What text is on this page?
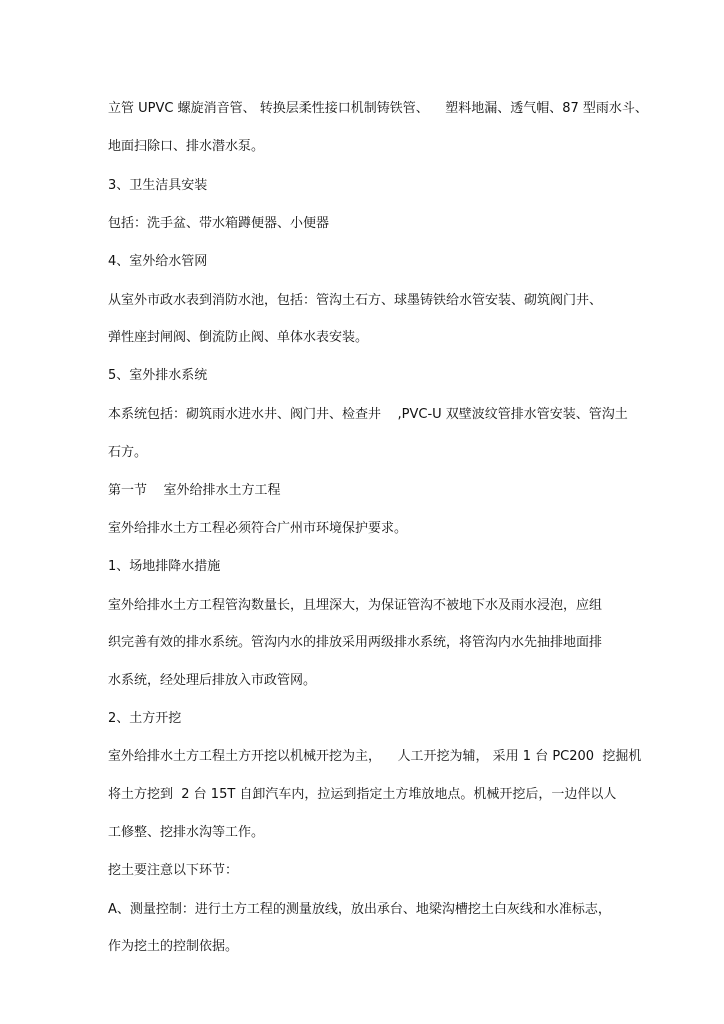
立管 UPVC 螺旋消音管、 转换层柔性接口机制铸铁管、    塑料地漏、透气帽、87 型雨水斗、
地面扫除口、排水潜水泵。
3、卫生洁具安装
包括：洗手盆、带水箱蹲便器、小便器
4、室外给水管网
从室外市政水表到消防水池，包括：管沟土石方、球墨铸铁给水管安装、砌筑阀门井、
弹性座封闸阀、倒流防止阀、单体水表安装。
5、室外排水系统
本系统包括：砌筑雨水进水井、阀门井、检查井    ,PVC-U 双壁波纹管排水管安装、管沟土
石方。
第一节    室外给排水土方工程
室外给排水土方工程必须符合广州市环境保护要求。
1、场地排降水措施
室外给排水土方工程管沟数量长，且埋深大，为保证管沟不被地下水及雨水浸泡，应组
织完善有效的排水系统。管沟内水的排放采用两级排水系统，将管沟内水先抽排地面排
水系统，经处理后排放入市政管网。
2、土方开挖
室外给排水土方工程土方开挖以机械开挖为主，    人工开挖为辅， 采用 1 台 PC200  挖掘机
将土方挖到  2 台 15T 自卸汽车内，拉运到指定土方堆放地点。机械开挖后，一边伴以人
工修整、挖排水沟等工作。
挖土要注意以下环节：
A、测量控制：进行土方工程的测量放线，放出承台、地梁沟槽挖土白灰线和水准标志，
作为挖土的控制依据。
